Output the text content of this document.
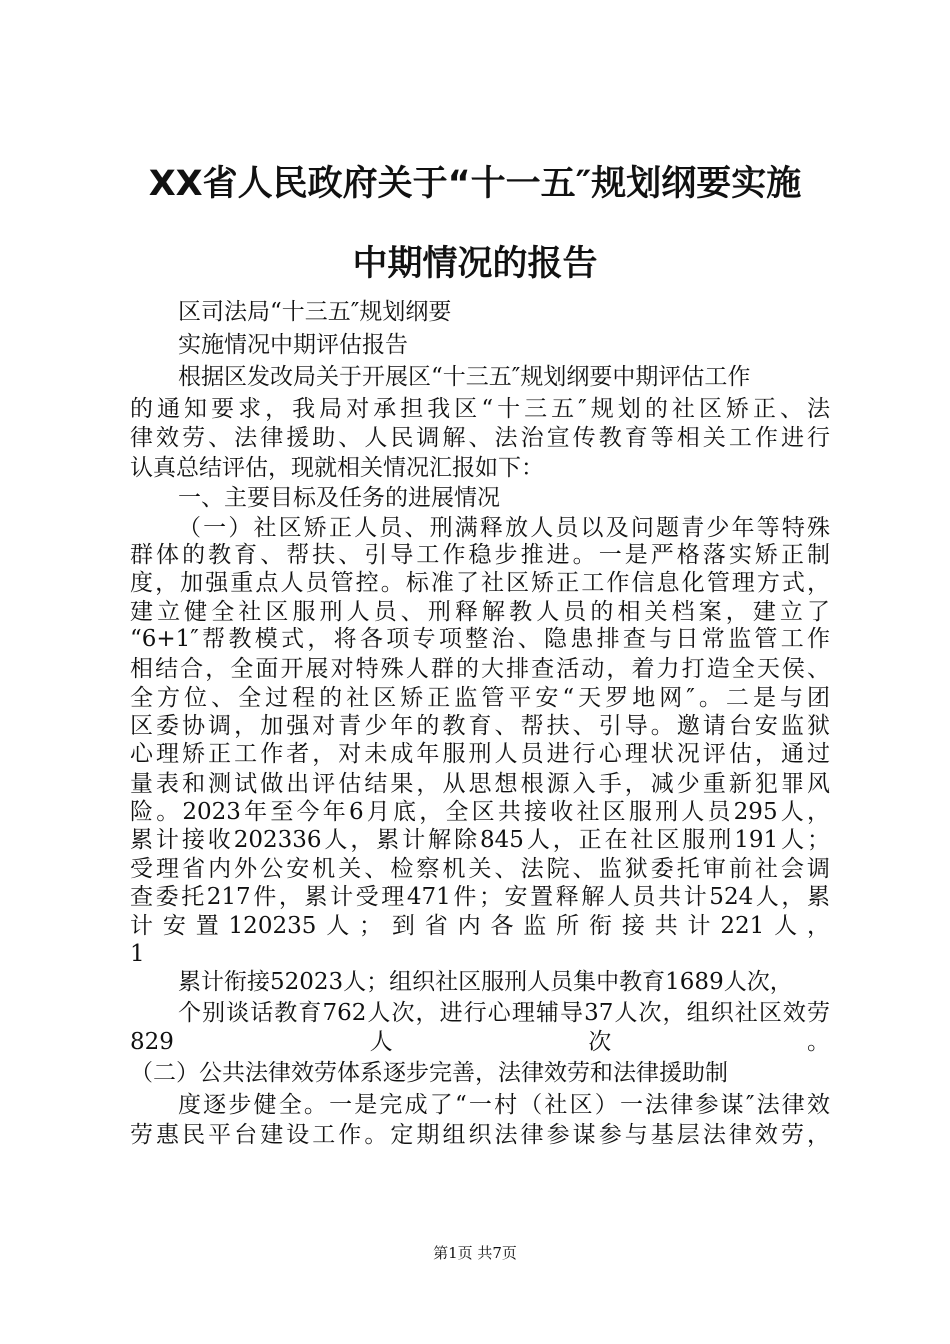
XX省人民政府关于“十一五″规划纲要实施
中期情况的报告

区司法局“十三五″规划纲要

实施情况中期评估报告

根据区发改局关于开展区“十三五″规划纲要中期评估工作

的通知要求，我局对承担我区“十三五″规划的社区矫正、法

律效劳、法律援助、人民调解、法治宣传教育等相关工作进行

认真总结评估，现就相关情况汇报如下：

一、主要目标及任务的进展情况

（一）社区矫正人员、刑满释放人员以及问题青少年等特殊

群体的教育、帮扶、引导工作稳步推进。一是严格落实矫正制

度，加强重点人员管控。标准了社区矫正工作信息化管理方式，

建立健全社区服刑人员、刑释解教人员的相关档案，建立了

“6+1″帮教模式，将各项专项整治、隐患排查与日常监管工作

相结合，全面开展对特殊人群的大排查活动，着力打造全天侯、

全方位、全过程的社区矫正监管平安“天罗地网″。二是与团

区委协调，加强对青少年的教育、帮扶、引导。邀请台安监狱

心理矫正工作者，对未成年服刑人员进行心理状况评估，通过

量表和测试做出评估结果，从思想根源入手，减少重新犯罪风

险。2023年至今年6月底，全区共接收社区服刑人员295人，

累计接收202336人，累计解除845人，正在社区服刑191人；

受理省内外公安机关、检察机关、法院、监狱委托审前社会调

查委托217件，累计受理471件；安置释解人员共计524人，累

计安置120235人；到省内各监所衔接共计221人，

1

累计衔接52023人；组织社区服刑人员集中教育1689人次，

个别谈话教育762人次，进行心理辅导37人次，组织社区效劳

829人次。

（二）公共法律效劳体系逐步完善，法律效劳和法律援助制

度逐步健全。一是完成了“一村（社区）一法律参谋″法律效

劳惠民平台建设工作。定期组织法律参谋参与基层法律效劳，

第1页 共7页
